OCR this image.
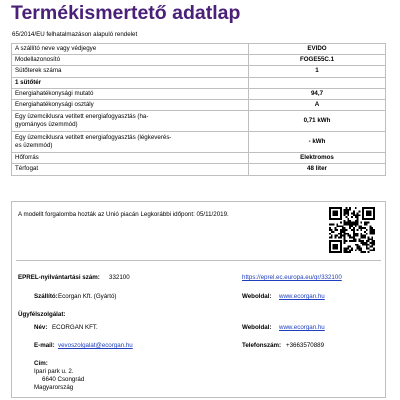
Termékismertető adatlap
65/2014/EU felhatalmazáson alapuló rendelet
A szállító neve vagy védjegye	EVIDO
Modellazonosító	FOGE55C.1
Sütőterek száma	1
1 sütőtér	
Energiahatékonysági mutató	94,7
Energiahatékonysági osztály	A
Egy üzemciklusra vetített energiafogyasztás (ha-
gyományos üzemmód)	0,71 kWh
Egy üzemciklusra vetített energiafogyasztás (légkeverés-
es üzemmód)	- kWh
Hőforrás	Elektromos
Térfogat	48 liter
A modellt forgalomba hozták az Unió piacán Legkorábbi időpont: 05/11/2019.
EPREL-nyilvántartási szám: 332100	https://eprel.ec.europa.eu/qr/332100
Szállító: Ecorgan Kft. (Gyártó)	Weboldal: www.ecorgan.hu
Ügyfélszolgálat:
Név: ECORGAN KFT.	Weboldal: www.ecorgan.hu
E-mail: vevoszolgalat@ecorgan.hu	Telefonszám: +3663570889
Cím:
Ipari park u. 2.
6640 Csongrád
Magyarország
